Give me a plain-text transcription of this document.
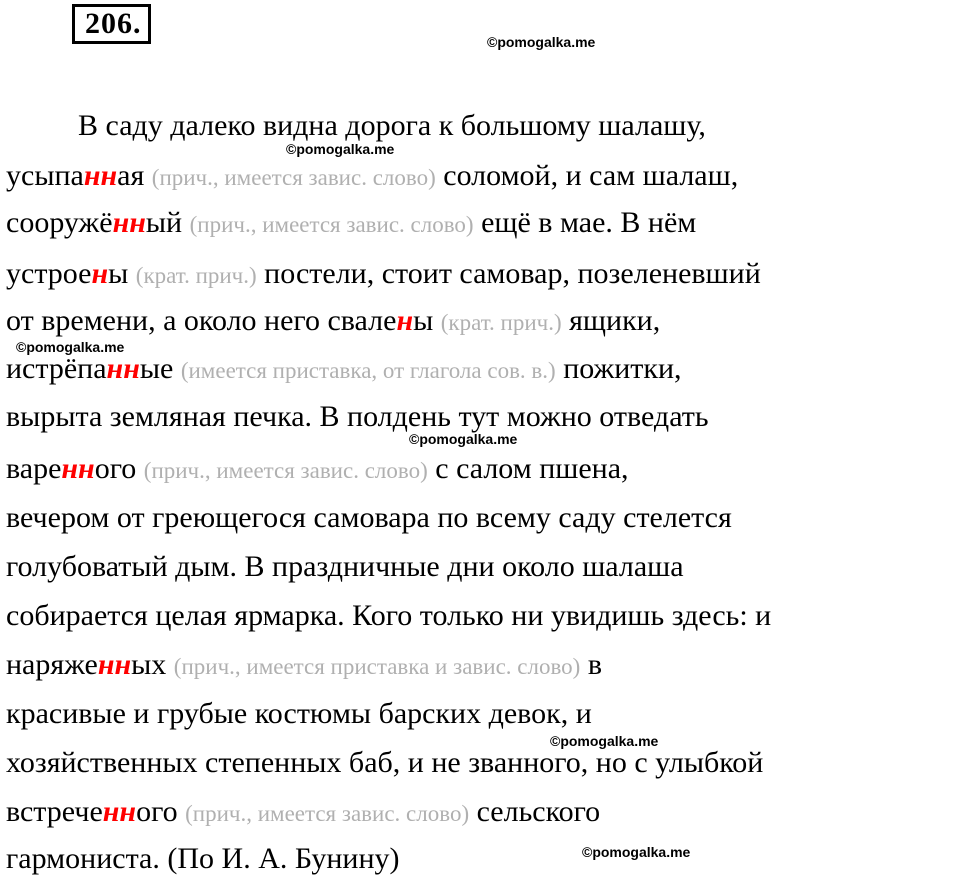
206.
©pomogalka.me
©pomogalka.me
©pomogalka.me
©pomogalka.me
©pomogalka.me
©pomogalka.me
В саду далеко видна дорога к большому шалашу,
усыпанная (прич., имеется завис. слово) соломой, и сам шалаш,
сооружённый (прич., имеется завис. слово) ещё в мае. В нём
устроены (крат. прич.) постели, стоит самовар, позеленевший
от времени, а около него свалены (крат. прич.) ящики,
истрёпанные (имеется приставка, от глагола сов. в.) пожитки,
вырыта земляная печка. В полдень тут можно отведать
варенного (прич., имеется завис. слово) с салом пшена,
вечером от греющегося самовара по всему саду стелется
голубоватый дым. В праздничные дни около шалаша
собирается целая ярмарка. Кого только ни увидишь здесь: и
наряженных (прич., имеется приставка и завис. слово) в
красивые и грубые костюмы барских девок, и
хозяйственных степенных баб, и не званного, но с улыбкой
встреченного (прич., имеется завис. слово) сельского
гармониста. (По И. А. Бунину)
